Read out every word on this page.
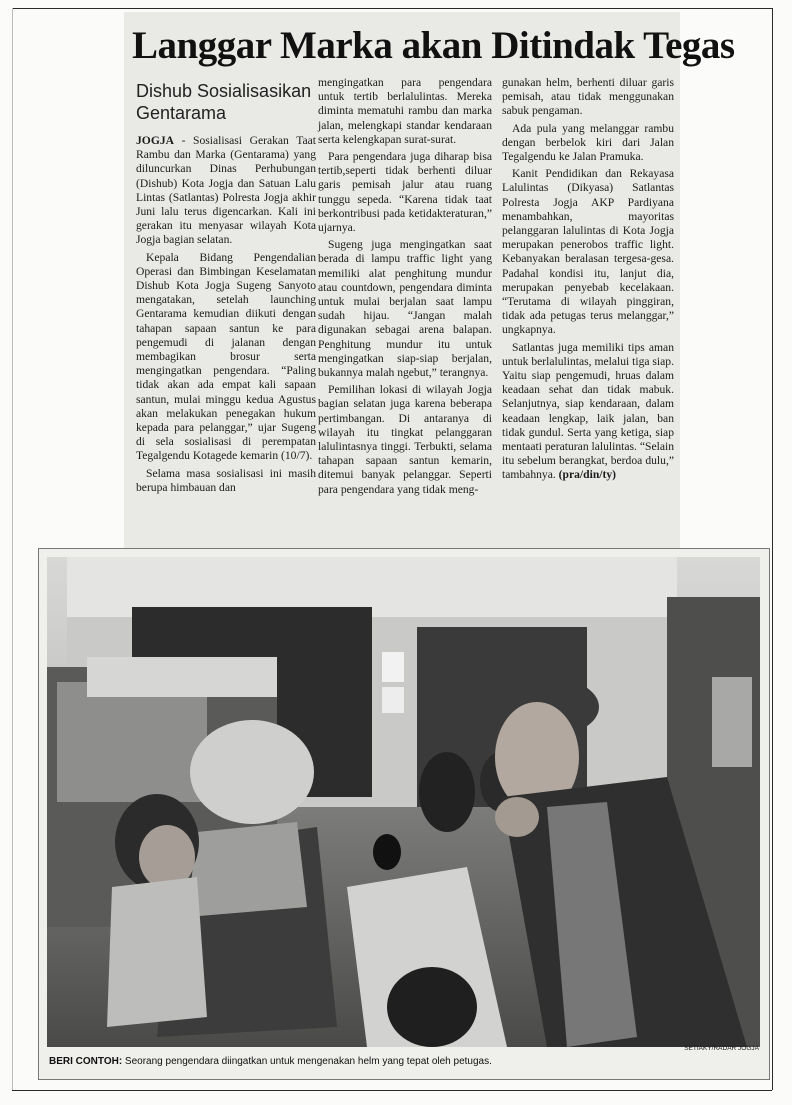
Langgar Marka akan Ditindak Tegas
Dishub Sosialisasikan Gentarama

JOGJA - Sosialisasi Gerakan Taat Rambu dan Marka (Gentarama) yang diluncurkan Dinas Perhubungan (Dishub) Kota Jogja dan Satuan Lalu Lintas (Satlantas) Polresta Jogja akhir Juni lalu terus digencarkan. Kali ini gerakan itu menyasar wilayah Kota Jogja bagian selatan.

Kepala Bidang Pengendalian Operasi dan Bimbingan Keselamatan Dishub Kota Jogja Sugeng Sanyoto mengatakan, setelah launching Gentarama kemudian diikuti dengan tahapan sapaan santun ke para pengemudi di jalanan dengan membagikan brosur serta mengingatkan pengendara. “Paling tidak akan ada empat kali sapaan santun, mulai minggu kedua Agustus akan melakukan penegakan hukum kepada para pelanggar,” ujar Sugeng di sela sosialisasi di perempatan Tegalgendu Kotagede kemarin (10/7).

Selama masa sosialisasi ini masih berupa himbauan dan

mengingatkan para pengendara untuk tertib berlalulintas. Mereka diminta mematuhi rambu dan marka jalan, melengkapi standar kendaraan serta kelengkapan surat-surat.

Para pengendara juga diharap bisa tertib,seperti tidak berhenti diluar garis pemisah jalur atau ruang tunggu sepeda. “Karena tidak taat berkontribusi pada ketidakteraturan,” ujarnya.

Sugeng juga mengingatkan saat berada di lampu traffic light yang memiliki alat penghitung mundur atau countdown, pengendara diminta untuk mulai berjalan saat lampu sudah hijau. “Jangan malah digunakan sebagai arena balapan. Penghitung mundur itu untuk mengingatkan siap-siap berjalan, bukannya malah ngebut,” terangnya.

Pemilihan lokasi di wilayah Jogja bagian selatan juga karena beberapa pertimbangan. Di antaranya di wilayah itu tingkat pelanggaran lalulintasnya tinggi. Terbukti, selama tahapan sapaan santun kemarin, ditemui banyak pelanggar. Seperti para pengendara yang tidak meng-

gunakan helm, berhenti diluar garis pemisah, atau tidak menggunakan sabuk pengaman.

Ada pula yang melanggar rambu dengan berbelok kiri dari Jalan Tegalgendu ke Jalan Pramuka.

Kanit Pendidikan dan Rekayasa Lalulintas (Dikyasa) Satlantas Polresta Jogja AKP Pardiyana menambahkan, mayoritas pelanggaran lalulintas di Kota Jogja merupakan penerobos traffic light. Kebanyakan beralasan tergesa-gesa. Padahal kondisi itu, lanjut dia, merupakan penyebab kecelakaan. “Terutama di wilayah pinggiran, tidak ada petugas terus melanggar,” ungkapnya.

Satlantas juga memiliki tips aman untuk berlalulintas, melalui tiga siap. Yaitu siap pengemudi, hruas dalam keadaan sehat dan tidak mabuk. Selanjutnya, siap kendaraan, dalam keadaan lengkap, laik jalan, ban tidak gundul. Serta yang ketiga, siap mentaati peraturan lalulintas. “Selain itu sebelum berangkat, berdoa dulu,” tambahnya. (pra/din/ty)

SETIAKY/RADAR JOGJA
BERI CONTOH: Seorang pengendara diingatkan untuk mengenakan helm yang tepat oleh petugas.
